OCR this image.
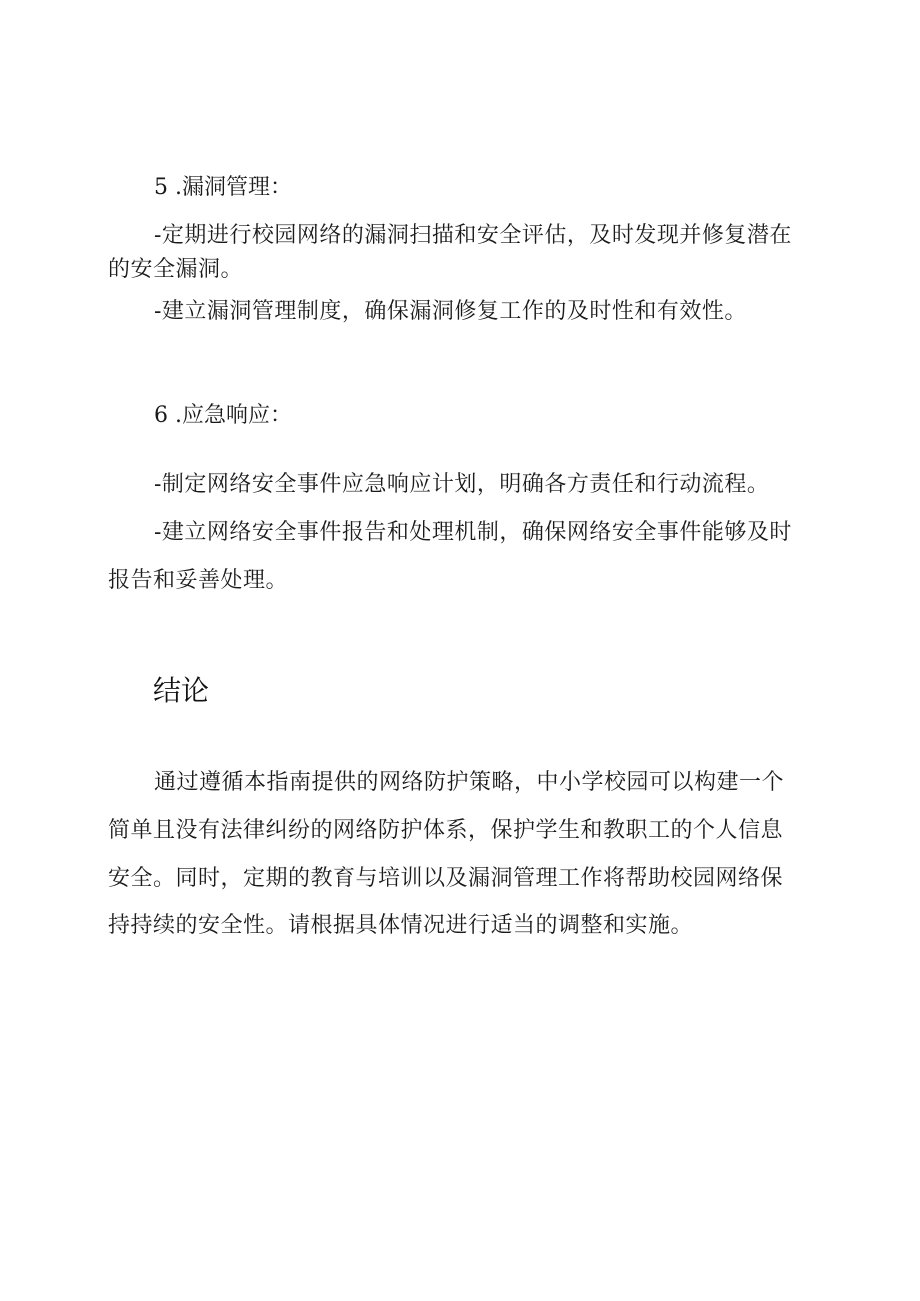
5 .漏洞管理：
-定期进行校园网络的漏洞扫描和安全评估，及时发现并修复潜在
的安全漏洞。
-建立漏洞管理制度，确保漏洞修复工作的及时性和有效性。
6 .应急响应：
-制定网络安全事件应急响应计划，明确各方责任和行动流程。
-建立网络安全事件报告和处理机制，确保网络安全事件能够及时
报告和妥善处理。
结论
通过遵循本指南提供的网络防护策略，中小学校园可以构建一个
简单且没有法律纠纷的网络防护体系，保护学生和教职工的个人信息
安全。同时，定期的教育与培训以及漏洞管理工作将帮助校园网络保
持持续的安全性。请根据具体情况进行适当的调整和实施。
